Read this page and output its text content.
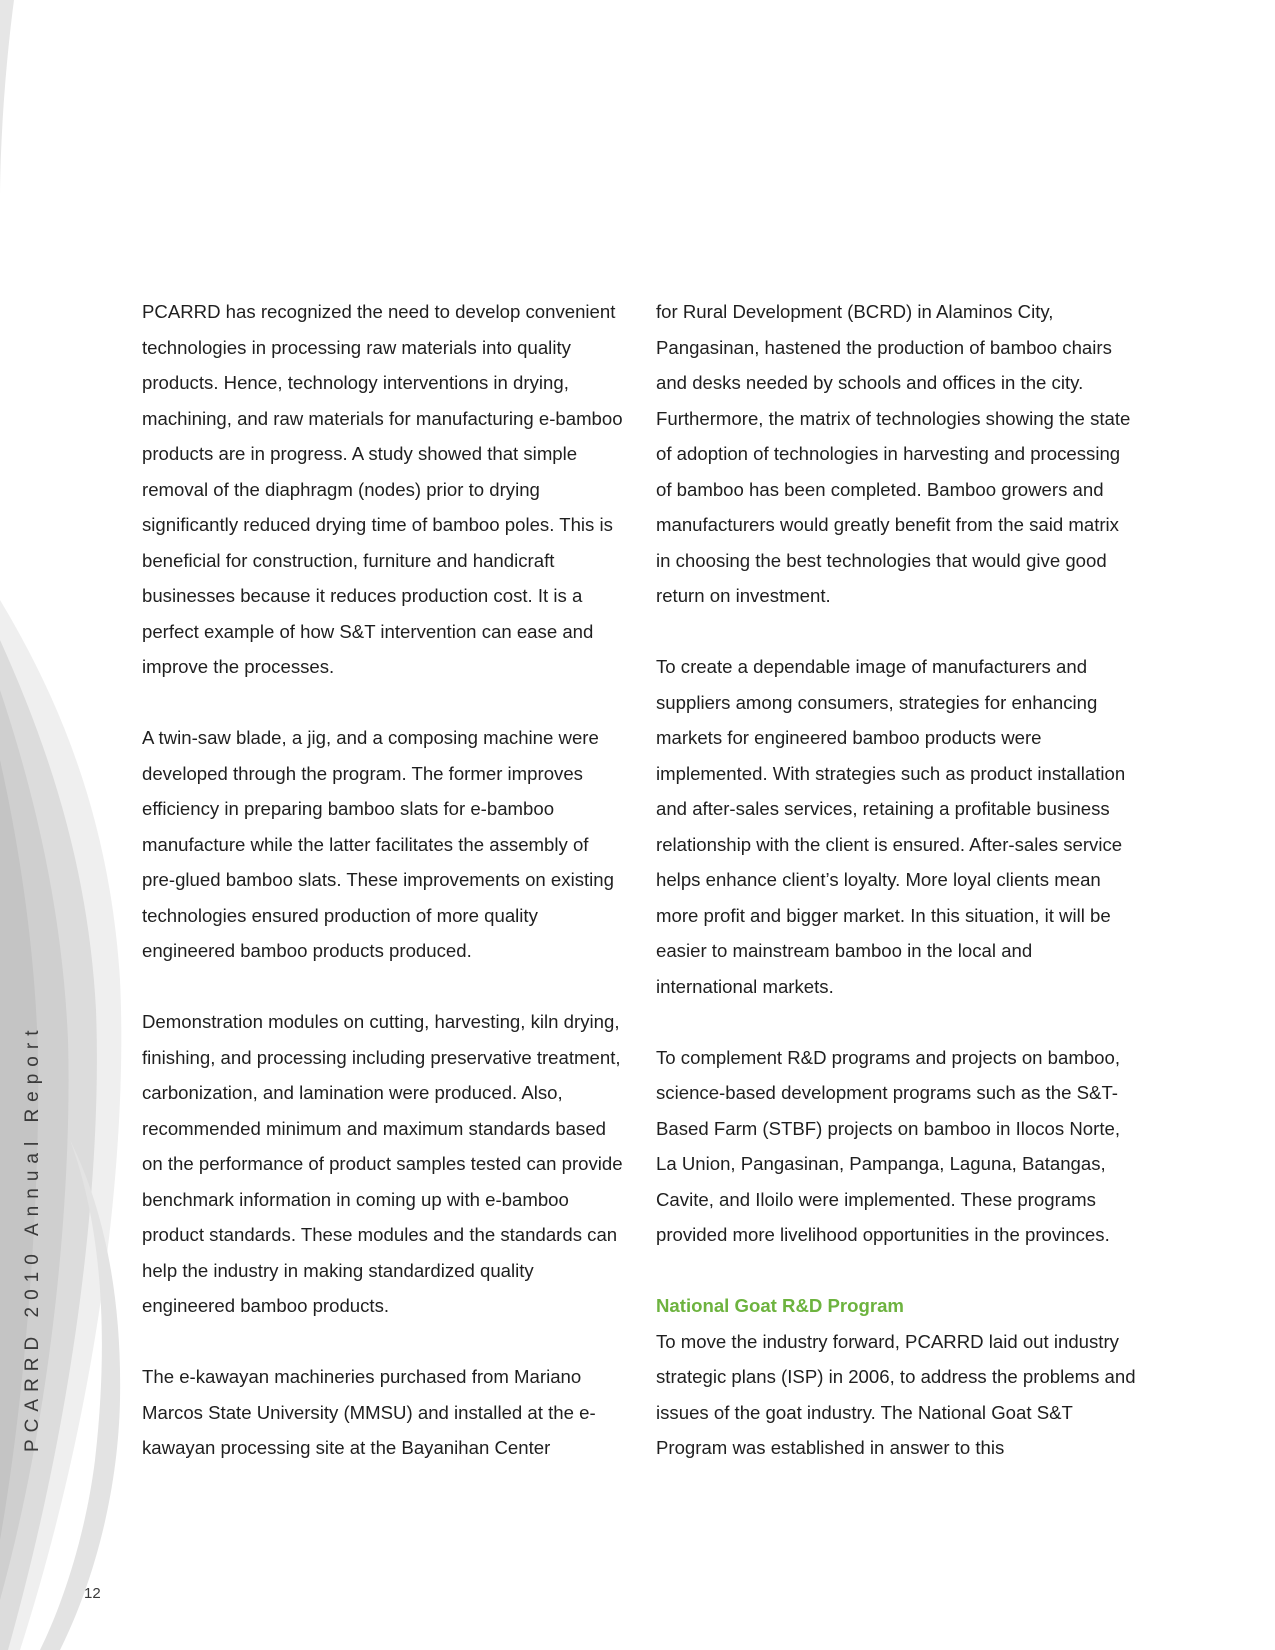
PCARRD 2010 Annual Report
12

PCARRD has recognized the need to develop convenient technologies in processing raw materials into quality products. Hence, technology interventions in drying, machining, and raw materials for manufacturing e-bamboo products are in progress. A study showed that simple removal of the diaphragm (nodes) prior to drying significantly reduced drying time of bamboo poles. This is beneficial for construction, furniture and handicraft businesses because it reduces production cost. It is a perfect example of how S&T intervention can ease and improve the processes.

A twin-saw blade, a jig, and a composing machine were developed through the program. The former improves efficiency in preparing bamboo slats for e-bamboo manufacture while the latter facilitates the assembly of pre-glued bamboo slats. These improvements on existing technologies ensured production of more quality engineered bamboo products produced.

Demonstration modules on cutting, harvesting, kiln drying, finishing, and processing including preservative treatment, carbonization, and lamination were produced. Also, recommended minimum and maximum standards based on the performance of product samples tested can provide benchmark information in coming up with e-bamboo product standards. These modules and the standards can help the industry in making standardized quality engineered bamboo products.

The e-kawayan machineries purchased from Mariano Marcos State University (MMSU) and installed at the e-kawayan processing site at the Bayanihan Center

for Rural Development (BCRD) in Alaminos City, Pangasinan, hastened the production of bamboo chairs and desks needed by schools and offices in the city. Furthermore, the matrix of technologies showing the state of adoption of technologies in harvesting and processing of bamboo has been completed. Bamboo growers and manufacturers would greatly benefit from the said matrix in choosing the best technologies that would give good return on investment.

To create a dependable image of manufacturers and suppliers among consumers, strategies for enhancing markets for engineered bamboo products were implemented. With strategies such as product installation and after-sales services, retaining a profitable business relationship with the client is ensured. After-sales service helps enhance client’s loyalty. More loyal clients mean more profit and bigger market. In this situation, it will be easier to mainstream bamboo in the local and international markets.

To complement R&D programs and projects on bamboo, science-based development programs such as the S&T-Based Farm (STBF) projects on bamboo in Ilocos Norte, La Union, Pangasinan, Pampanga, Laguna, Batangas, Cavite, and Iloilo were implemented. These programs provided more livelihood opportunities in the provinces.

National Goat R&D Program

To move the industry forward, PCARRD laid out industry strategic plans (ISP) in 2006, to address the problems and issues of the goat industry. The National Goat S&T Program was established in answer to this
